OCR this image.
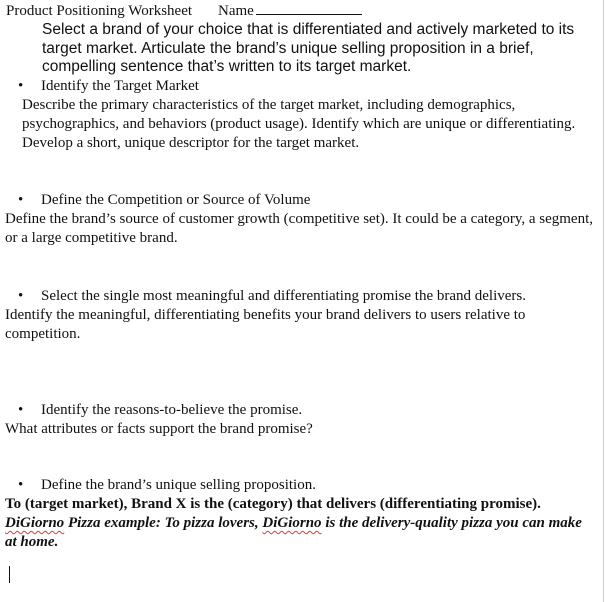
Product Positioning Worksheet Name

Select a brand of your choice that is differentiated and actively marketed to its target market. Articulate the brand’s unique selling proposition in a brief, compelling sentence that’s written to its target market.

• Identify the Target Market

Describe the primary characteristics of the target market, including demographics, psychographics, and behaviors (product usage). Identify which are unique or differentiating. Develop a short, unique descriptor for the target market.

• Define the Competition or Source of Volume

Define the brand’s source of customer growth (competitive set). It could be a category, a segment, or a large competitive brand.

• Select the single most meaningful and differentiating promise the brand delivers.

Identify the meaningful, differentiating benefits your brand delivers to users relative to competition.

• Identify the reasons-to-believe the promise.

What attributes or facts support the brand promise?

• Define the brand’s unique selling proposition.

To (target market), Brand X is the (category) that delivers (differentiating promise).

DiGiorno Pizza example: To pizza lovers, DiGiorno is the delivery-quality pizza you can make at home.
